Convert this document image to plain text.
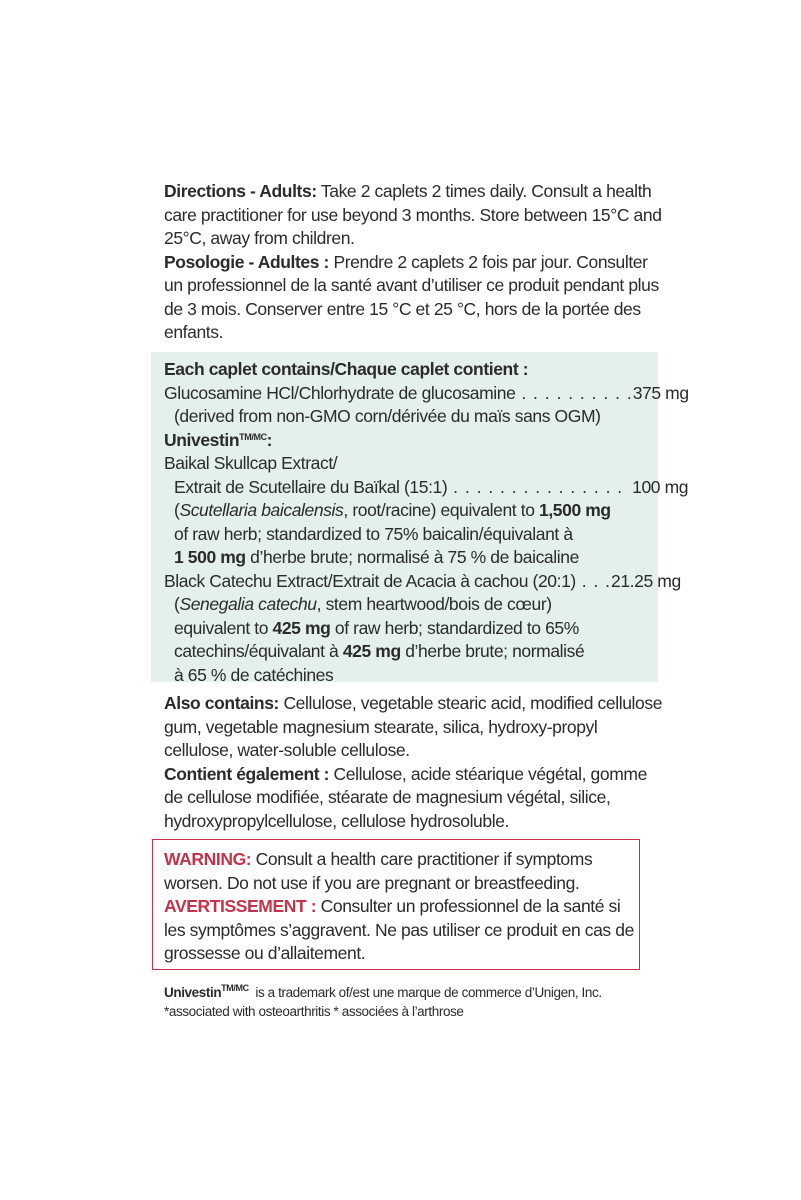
Directions - Adults: Take 2 caplets 2 times daily. Consult a health care practitioner for use beyond 3 months. Store between 15°C and 25°C, away from children.

Posologie - Adultes : Prendre 2 caplets 2 fois par jour. Consulter un professionnel de la santé avant d’utiliser ce produit pendant plus de 3 mois. Conserver entre 15 °C et 25 °C, hors de la portée des enfants.

Each caplet contains/Chaque caplet contient :
Glucosamine HCl/Chlorhydrate de glucosamine . . . . . . . . . .375 mg
(derived from non-GMO corn/dérivée du maïs sans OGM)
Univestin$^{TM/MC}$:
Baikal Skullcap Extract/
Extrait de Scutellaire du Baïkal (15:1) . . . . . . . . . . . . . . . 100 mg
(Scutellaria baicalensis, root/racine) equivalent to 1,500 mg
of raw herb; standardized to 75% baicalin/équivalant à
1 500 mg d’herbe brute; normalisé à 75 % de baicaline
Black Catechu Extract/Extrait de Acacia à cachou (20:1) . . .21.25 mg
(Senegalia catechu, stem heartwood/bois de cœur)
equivalent to 425 mg of raw herb; standardized to 65%
catechins/équivalant à 425 mg d’herbe brute; normalisé
à 65 % de catéchines

Also contains: Cellulose, vegetable stearic acid, modified cellulose gum, vegetable magnesium stearate, silica, hydroxy-propyl cellulose, water-soluble cellulose.

Contient également : Cellulose, acide stéarique végétal, gomme de cellulose modifiée, stéarate de magnesium végétal, silice, hydroxypropylcellulose, cellulose hydrosoluble.

WARNING: Consult a health care practitioner if symptoms worsen. Do not use if you are pregnant or breastfeeding.

AVERTISSEMENT : Consulter un professionnel de la santé si les symptômes s’aggravent. Ne pas utiliser ce produit en cas de grossesse ou d’allaitement.

Univestin$^{TM/MC}$  is a trademark of/est une marque de commerce d’Unigen, Inc.

*associated with osteoarthritis * associées à l’arthrose
